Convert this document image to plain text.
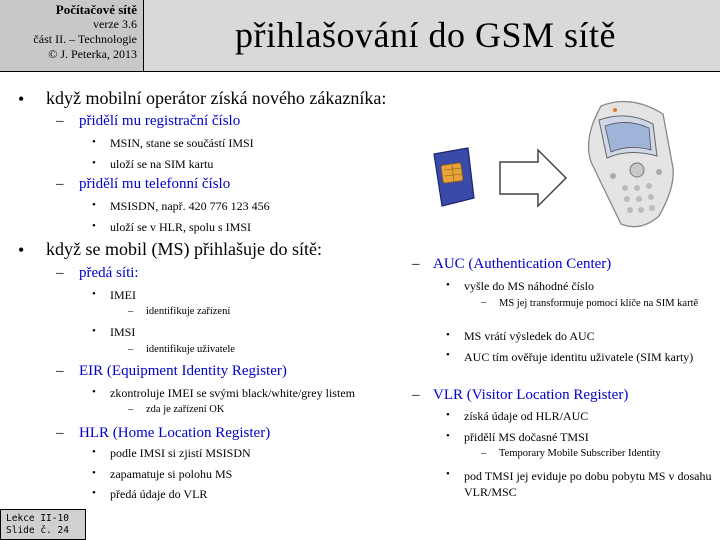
Počítačové sítě
verze 3.6
část II. – Technologie
© J. Peterka, 2013	přihlašování do GSM sítě
• když mobilní operátor získá nového zákazníka:
– přidělí mu registrační číslo
• MSIN, stane se součástí IMSI
• uloží se na SIM kartu
– přidělí mu telefonní číslo
• MSISDN, např. 420 776 123 456
• uloží se v HLR, spolu s IMSI
• když se mobil (MS) přihlašuje do sítě:
– předá síti:
• IMEI
– identifikuje zařízení
• IMSI
– identifikuje uživatele
– EIR (Equipment Identity Register)
• zkontroluje IMEI se svými black/white/grey listem
– zda je zařízení OK
– HLR (Home Location Register)
• podle IMSI si zjistí MSISDN
• zapamatuje si polohu MS
• předá údaje do VLR
– AUC (Authentication Center)
• vyšle do MS náhodné číslo
– MS jej transformuje pomocí klíče na SIM kartě
• MS vrátí výsledek do AUC
• AUC tím ověřuje identitu uživatele (SIM karty)
– VLR (Visitor Location Register)
• získá údaje od HLR/AUC
• přidělí MS dočasné TMSI
– Temporary Mobile Subscriber Identity
• pod TMSI jej eviduje po dobu pobytu MS v dosahu VLR/MSC
Lekce II-10
Slide č. 24
